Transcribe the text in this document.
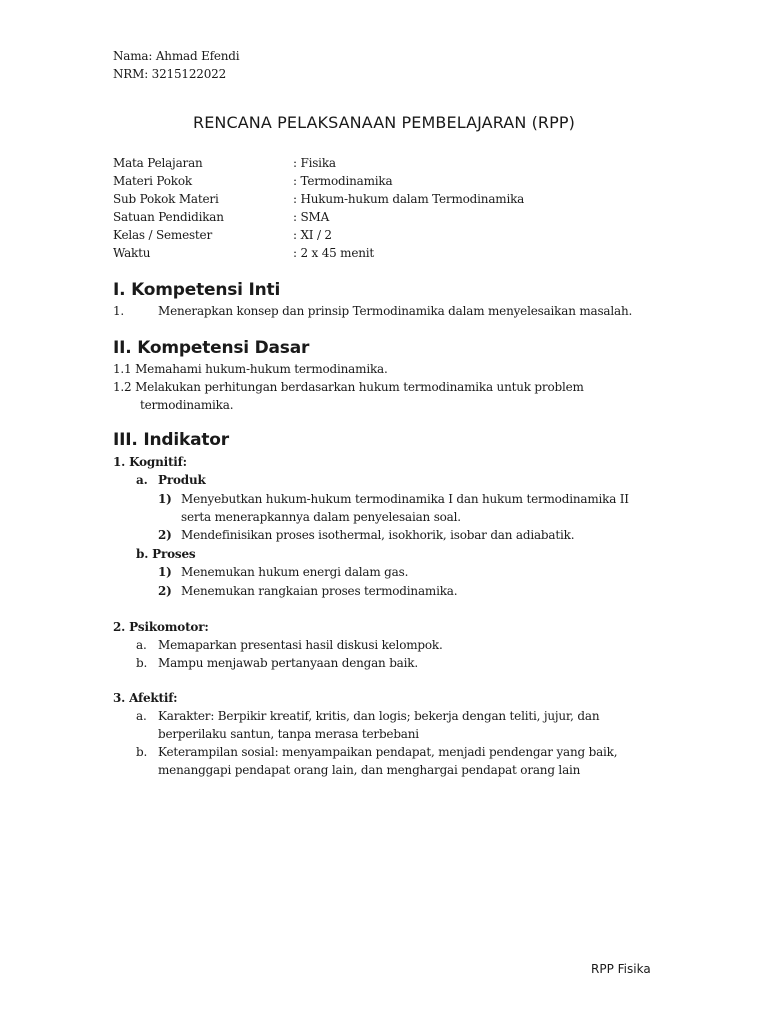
Nama: Ahmad Efendi
NRM: 3215122022
RENCANA PELAKSANAAN PEMBELAJARAN (RPP)
Mata Pelajaran	: Fisika
Materi Pokok	: Termodinamika
Sub Pokok Materi	: Hukum-hukum dalam Termodinamika
Satuan Pendidikan	: SMA
Kelas / Semester	: XI / 2
Waktu	: 2 x 45 menit
I. Kompetensi Inti
1.	Menerapkan konsep dan prinsip Termodinamika dalam menyelesaikan masalah.
II. Kompetensi Dasar
1.1 Memahami hukum-hukum termodinamika.
1.2 Melakukan perhitungan berdasarkan hukum termodinamika untuk problem
termodinamika.
III. Indikator
1. Kognitif:
a. Produk
1) Menyebutkan hukum-hukum termodinamika I dan hukum termodinamika II
serta menerapkannya dalam penyelesaian soal.
2) Mendefinisikan proses isothermal, isokhorik, isobar dan adiabatik.
b. Proses
1) Menemukan hukum energi dalam gas.
2) Menemukan rangkaian proses termodinamika.
2. Psikomotor:
a. Memaparkan presentasi hasil diskusi kelompok.
b. Mampu menjawab pertanyaan dengan baik.
3. Afektif:
a. Karakter: Berpikir kreatif, kritis, dan logis; bekerja dengan teliti, jujur, dan
berperilaku santun, tanpa merasa terbebani
b. Keterampilan sosial: menyampaikan pendapat, menjadi pendengar yang baik,
menanggapi pendapat orang lain, dan menghargai pendapat orang lain
RPP Fisika
